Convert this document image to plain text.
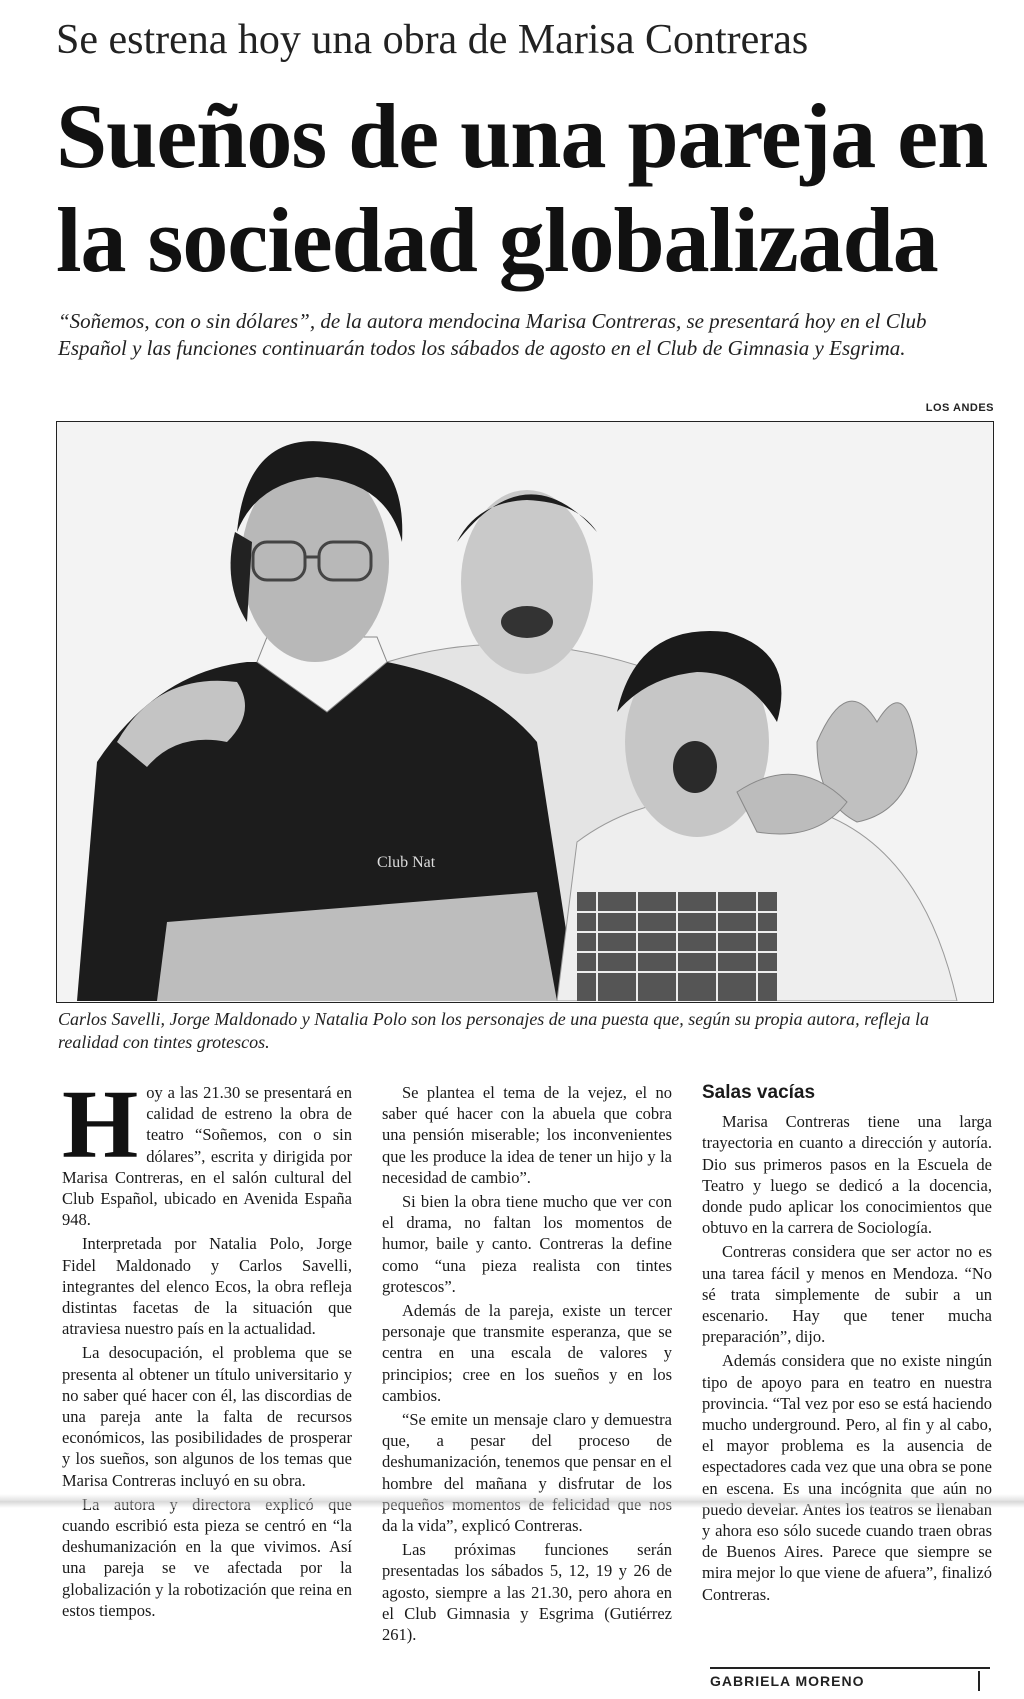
Se estrena hoy una obra de Marisa Contreras
Sueños de una pareja en
la sociedad globalizada
“Soñemos, con o sin dólares”, de la autora mendocina Marisa Contreras, se presentará hoy en el Club Español y las funciones continuarán todos los sábados de agosto en el Club de Gimnasia y Esgrima.
LOS ANDES
Club Nat
Carlos Savelli, Jorge Maldonado y Natalia Polo son los personajes de una puesta que, según su propia autora, refleja la realidad con tintes grotescos.

Hoy a las 21.30 se presentará en calidad de estreno la obra de teatro “Soñemos, con o sin dólares”, escrita y dirigida por Marisa Contreras, en el salón cultural del Club Español, ubicado en Avenida España 948.

Interpretada por Natalia Polo, Jorge Fidel Maldonado y Carlos Savelli, integrantes del elenco Ecos, la obra refleja distintas facetas de la situación que atraviesa nuestro país en la actualidad.

La desocupación, el problema que se presenta al obtener un título universitario y no saber qué hacer con él, las discordias de una pareja ante la falta de recursos económicos, las posibilidades de prosperar y los sueños, son algunos de los temas que Marisa Contreras incluyó en su obra.

La autora y directora explicó que cuando escribió esta pieza se centró en “la deshumanización en la que vivimos. Así una pareja se ve afectada por la globalización y la robotización que reina en estos tiempos.

Se plantea el tema de la vejez, el no saber qué hacer con la abuela que cobra una pensión miserable; los inconvenientes que les produce la idea de tener un hijo y la necesidad de cambio”.

Si bien la obra tiene mucho que ver con el drama, no faltan los momentos de humor, baile y canto. Contreras la define como “una pieza realista con tintes grotescos”.

Además de la pareja, existe un tercer personaje que transmite esperanza, que se centra en una escala de valores y principios; cree en los sueños y en los cambios.

“Se emite un mensaje claro y demuestra que, a pesar del proceso de deshumanización, tenemos que pensar en el hombre del mañana y disfrutar de los pequeños momentos de felicidad que nos da la vida”, explicó Contreras.

Las próximas funciones serán presentadas los sábados 5, 12, 19 y 26 de agosto, siempre a las 21.30, pero ahora en el Club Gimnasia y Esgrima (Gutiérrez 261).

Salas vacías

Marisa Contreras tiene una larga trayectoria en cuanto a dirección y autoría. Dio sus primeros pasos en la Escuela de Teatro y luego se dedicó a la docencia, donde pudo aplicar los conocimientos que obtuvo en la carrera de Sociología.

Contreras considera que ser actor no es una tarea fácil y menos en Mendoza. “No sé trata simplemente de subir a un escenario. Hay que tener mucha preparación”, dijo.

Además considera que no existe ningún tipo de apoyo para en teatro en nuestra provincia. “Tal vez por eso se está haciendo mucho underground. Pero, al fin y al cabo, el mayor problema es la ausencia de espectadores cada vez que una obra se pone en escena. Es una incógnita que aún no puedo develar. Antes los teatros se llenaban y ahora eso sólo sucede cuando traen obras de Buenos Aires. Parece que siempre se mira mejor lo que viene de afuera”, finalizó Contreras.

GABRIELA MORENO
